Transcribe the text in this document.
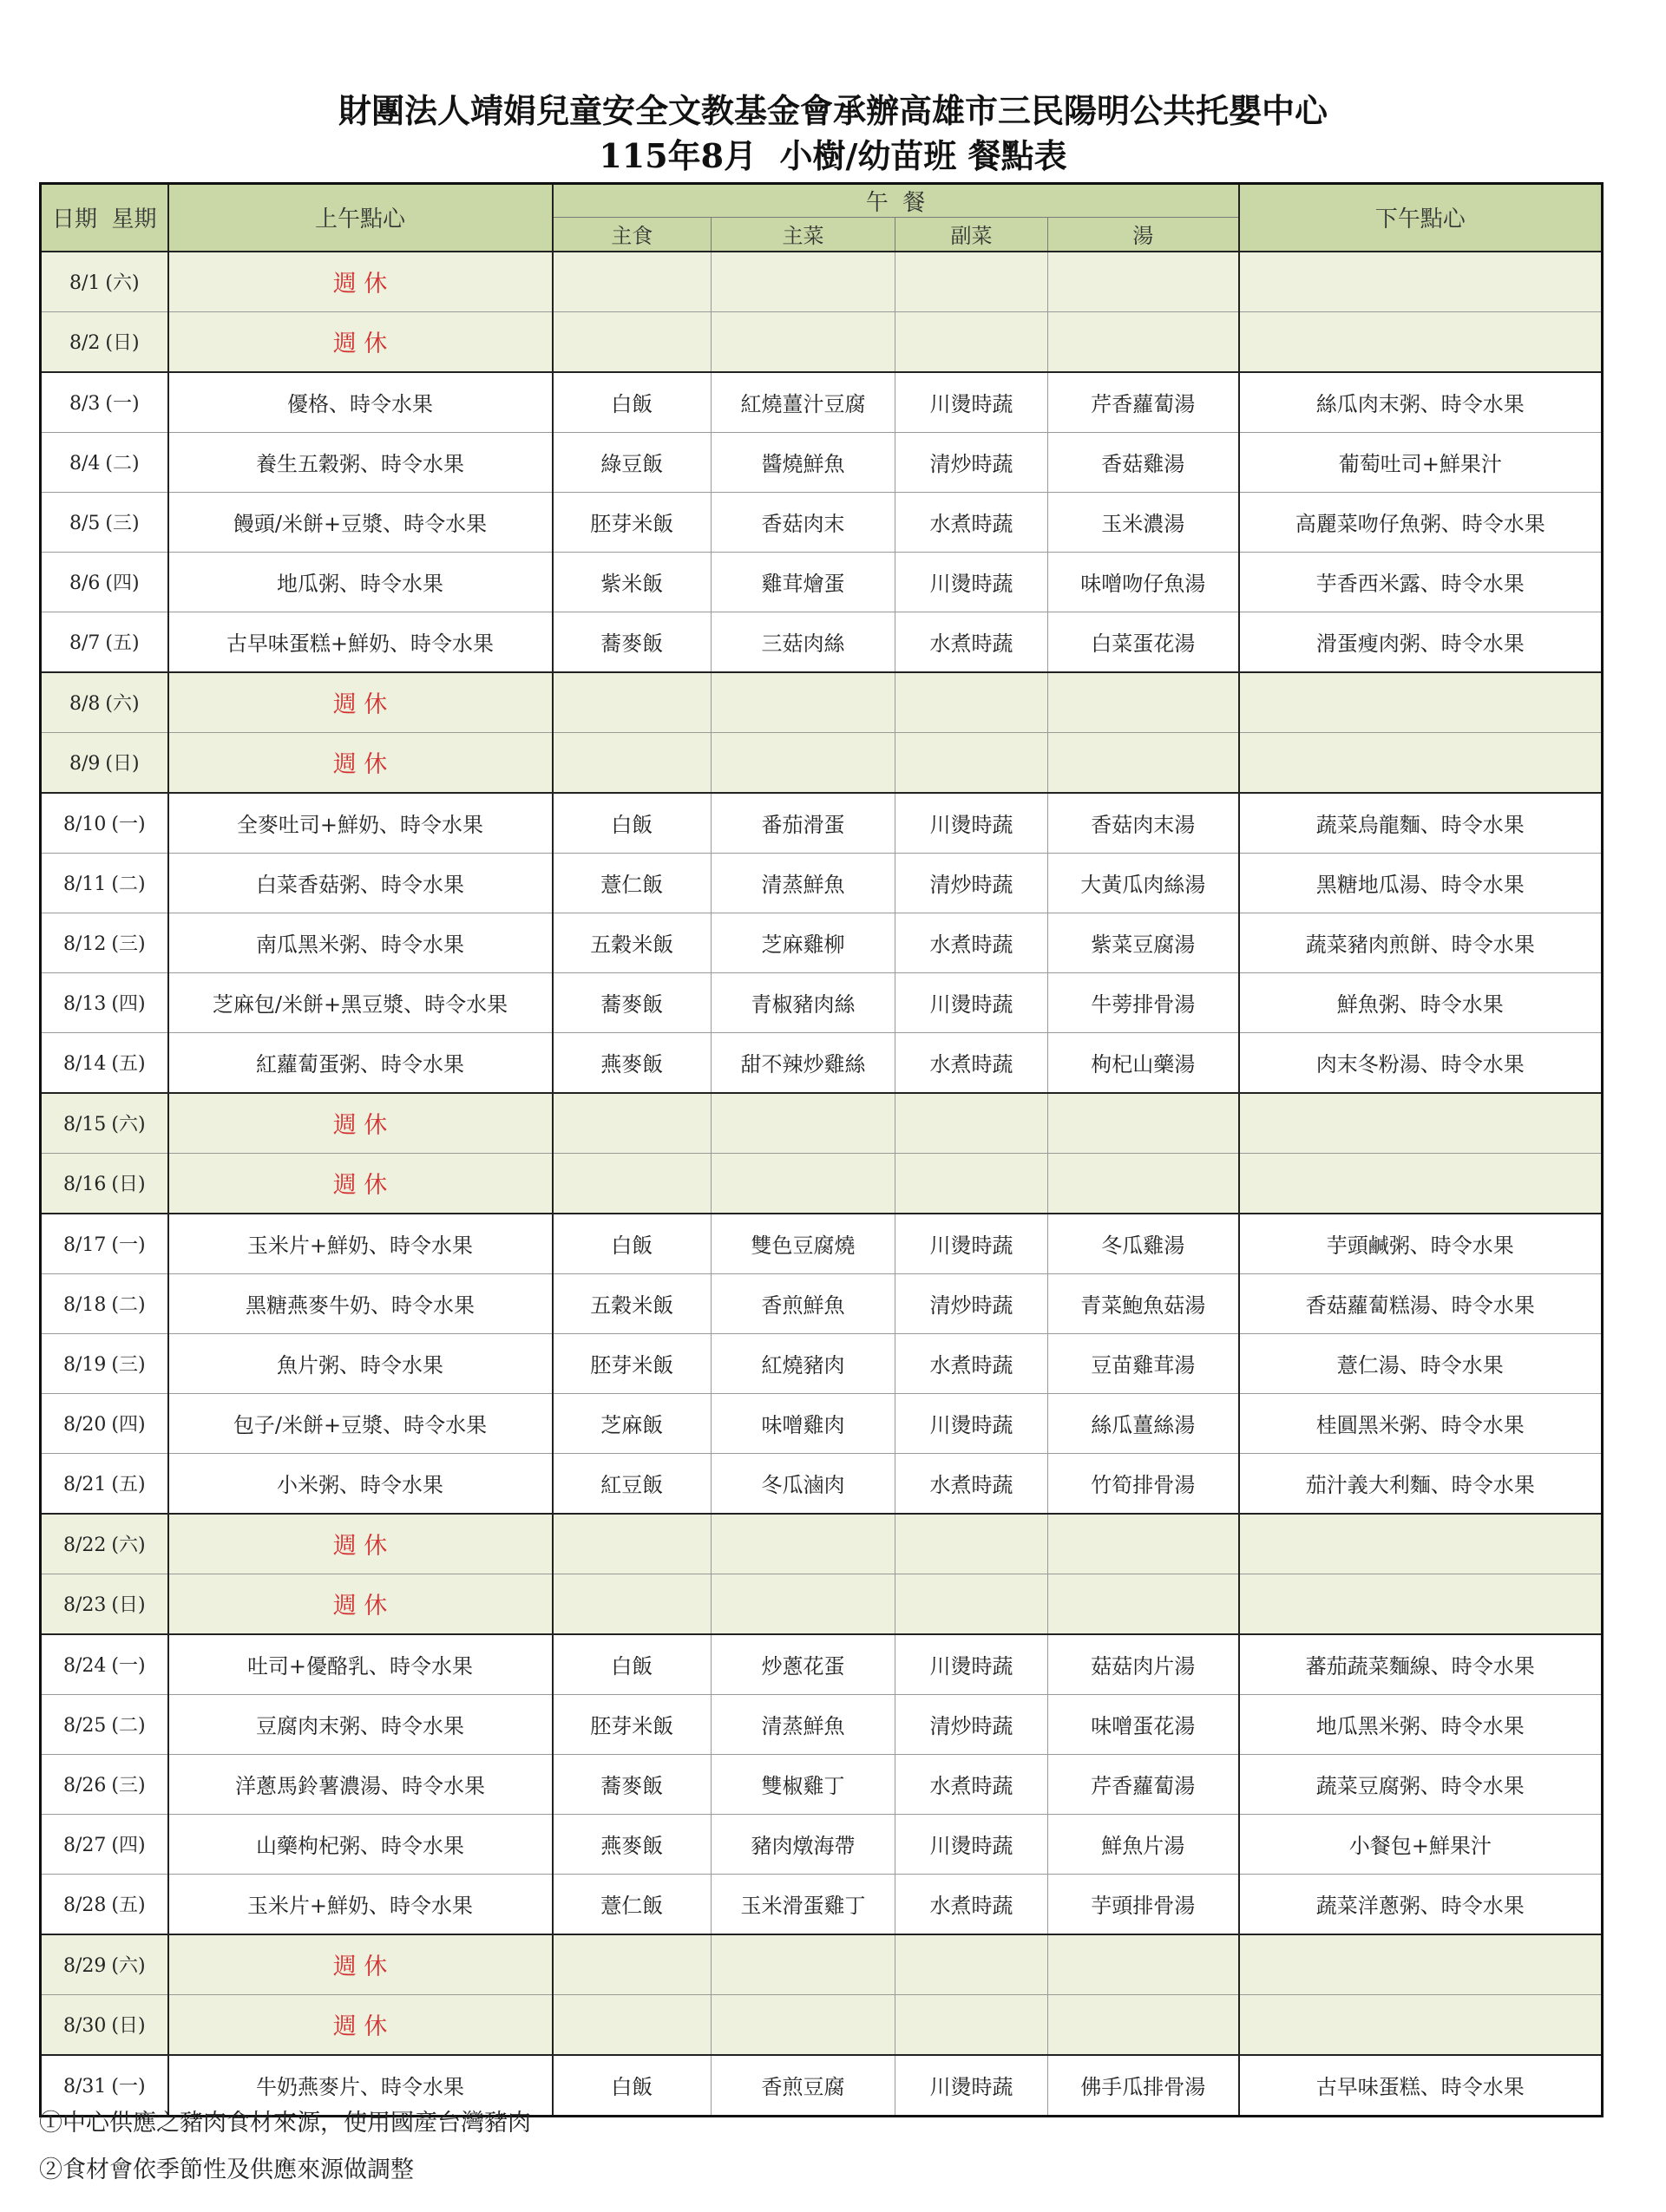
財團法人靖娟兒童安全文教基金會承辦高雄市三民陽明公共托嬰中心
115年8月  小樹/幼苗班 餐點表
日期  星期	上午點心	午  餐				下午點心
		主食	主菜	副菜	湯	
8/1 (六)	週 休					
8/2 (日)	週 休					
8/3 (一)	優格、時令水果	白飯	紅燒薑汁豆腐	川燙時蔬	芹香蘿蔔湯	絲瓜肉末粥、時令水果
8/4 (二)	養生五穀粥、時令水果	綠豆飯	醬燒鮮魚	清炒時蔬	香菇雞湯	葡萄吐司+鮮果汁
8/5 (三)	饅頭/米餅+豆漿、時令水果	胚芽米飯	香菇肉末	水煮時蔬	玉米濃湯	高麗菜吻仔魚粥、時令水果
8/6 (四)	地瓜粥、時令水果	紫米飯	雞茸燴蛋	川燙時蔬	味噌吻仔魚湯	芋香西米露、時令水果
8/7 (五)	古早味蛋糕+鮮奶、時令水果	蕎麥飯	三菇肉絲	水煮時蔬	白菜蛋花湯	滑蛋瘦肉粥、時令水果
8/8 (六)	週 休					
8/9 (日)	週 休					
8/10 (一)	全麥吐司+鮮奶、時令水果	白飯	番茄滑蛋	川燙時蔬	香菇肉末湯	蔬菜烏龍麵、時令水果
8/11 (二)	白菜香菇粥、時令水果	薏仁飯	清蒸鮮魚	清炒時蔬	大黃瓜肉絲湯	黑糖地瓜湯、時令水果
8/12 (三)	南瓜黑米粥、時令水果	五穀米飯	芝麻雞柳	水煮時蔬	紫菜豆腐湯	蔬菜豬肉煎餅、時令水果
8/13 (四)	芝麻包/米餅+黑豆漿、時令水果	蕎麥飯	青椒豬肉絲	川燙時蔬	牛蒡排骨湯	鮮魚粥、時令水果
8/14 (五)	紅蘿蔔蛋粥、時令水果	燕麥飯	甜不辣炒雞絲	水煮時蔬	枸杞山藥湯	肉末冬粉湯、時令水果
8/15 (六)	週 休					
8/16 (日)	週 休					
8/17 (一)	玉米片+鮮奶、時令水果	白飯	雙色豆腐燒	川燙時蔬	冬瓜雞湯	芋頭鹹粥、時令水果
8/18 (二)	黑糖燕麥牛奶、時令水果	五穀米飯	香煎鮮魚	清炒時蔬	青菜鮑魚菇湯	香菇蘿蔔糕湯、時令水果
8/19 (三)	魚片粥、時令水果	胚芽米飯	紅燒豬肉	水煮時蔬	豆苗雞茸湯	薏仁湯、時令水果
8/20 (四)	包子/米餅+豆漿、時令水果	芝麻飯	味噌雞肉	川燙時蔬	絲瓜薑絲湯	桂圓黑米粥、時令水果
8/21 (五)	小米粥、時令水果	紅豆飯	冬瓜滷肉	水煮時蔬	竹筍排骨湯	茄汁義大利麵、時令水果
8/22 (六)	週 休					
8/23 (日)	週 休					
8/24 (一)	吐司+優酪乳、時令水果	白飯	炒蔥花蛋	川燙時蔬	菇菇肉片湯	蕃茄蔬菜麵線、時令水果
8/25 (二)	豆腐肉末粥、時令水果	胚芽米飯	清蒸鮮魚	清炒時蔬	味噌蛋花湯	地瓜黑米粥、時令水果
8/26 (三)	洋蔥馬鈴薯濃湯、時令水果	蕎麥飯	雙椒雞丁	水煮時蔬	芹香蘿蔔湯	蔬菜豆腐粥、時令水果
8/27 (四)	山藥枸杞粥、時令水果	燕麥飯	豬肉燉海帶	川燙時蔬	鮮魚片湯	小餐包+鮮果汁
8/28 (五)	玉米片+鮮奶、時令水果	薏仁飯	玉米滑蛋雞丁	水煮時蔬	芋頭排骨湯	蔬菜洋蔥粥、時令水果
8/29 (六)	週 休					
8/30 (日)	週 休					
8/31 (一)	牛奶燕麥片、時令水果	白飯	香煎豆腐	川燙時蔬	佛手瓜排骨湯	古早味蛋糕、時令水果
①中心供應之豬肉食材來源，使用國產台灣豬肉
②食材會依季節性及供應來源做調整
